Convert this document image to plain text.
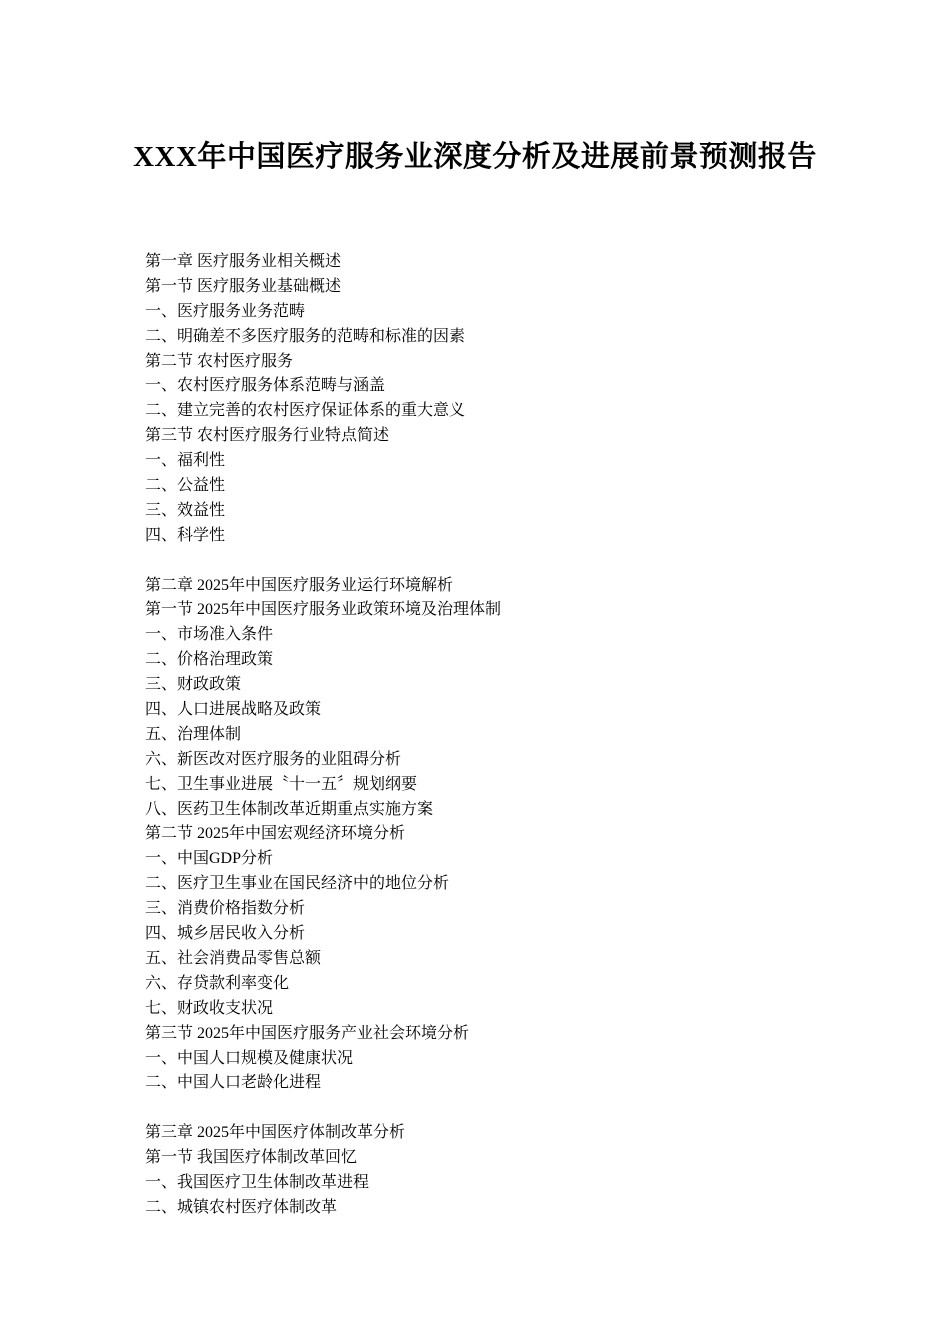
XXX年中国医疗服务业深度分析及进展前景预测报告
第一章 医疗服务业相关概述
第一节 医疗服务业基础概述
一、医疗服务业务范畴
二、明确差不多医疗服务的范畴和标准的因素
第二节 农村医疗服务
一、农村医疗服务体系范畴与涵盖
二、建立完善的农村医疗保证体系的重大意义
第三节 农村医疗服务行业特点简述
一、福利性
二、公益性
三、效益性
四、科学性
第二章 2025年中国医疗服务业运行环境解析
第一节 2025年中国医疗服务业政策环境及治理体制
一、市场准入条件
二、价格治理政策
三、财政政策
四、人口进展战略及政策
五、治理体制
六、新医改对医疗服务的业阻碍分析
七、卫生事业进展〝十一五〞规划纲要
八、医药卫生体制改革近期重点实施方案
第二节 2025年中国宏观经济环境分析
一、中国GDP分析
二、医疗卫生事业在国民经济中的地位分析
三、消费价格指数分析
四、城乡居民收入分析
五、社会消费品零售总额
六、存贷款利率变化
七、财政收支状况
第三节 2025年中国医疗服务产业社会环境分析
一、中国人口规模及健康状况
二、中国人口老龄化进程
第三章 2025年中国医疗体制改革分析
第一节 我国医疗体制改革回忆
一、我国医疗卫生体制改革进程
二、城镇农村医疗体制改革
